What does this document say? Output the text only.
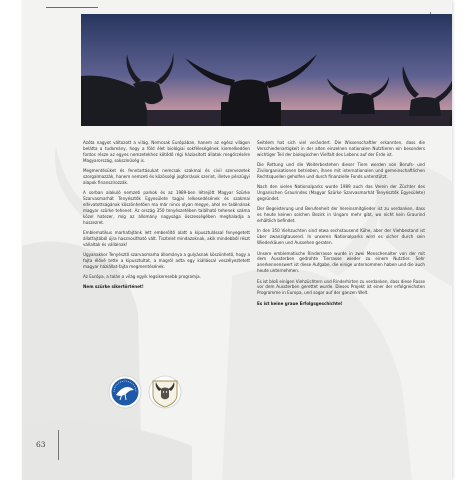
Azóta nagyot változott a világ. Nemcsak Európában, hanem az egész világon belátta a tudomány, hogy a föld élet biológiai sokféleségének kiemelkedően fontos része az egyes nemzetekhez kötődő régi háziasított állatok megőrzésére Magyarország, sokszínűség is.

Megmentésüket és fenntartásukat nemcsak szakmai és civil szervezetek szorgalmazzák, hanem nemzeti és közösségi jogforrások szerint, illetve pénzügyi alapok finanszírozzák.

A sorban alakuló nemzeti parkok és az 1989-ben létrejött Magyar Szürke Szarvasmarhát Tenyésztők Egyesülete tagjai lelkesedésének és szakmai elhivatottságának köszönhetően ma már nincs olyan megye, ahol ne találnának magyar szürke tehenet. Az ország 350 tenyészetében található tehenek száma közel hatezer, míg az állomány nagysága összességében meghaladja a húszezret.

Emblematikus marhafajtánk lett emberöltő alatt a kipusztulással fenyegetett állatfajtából újra hasznosítható vált. Tisztelet mindazoknak, akik mindebből részt vállaltak és vállalnak!

Ugyanakkor Tenyésztő szarvasmarha állománya a gulyásnak köszönhető, hogy a fajta élővé tette a kipusztultat, a magról adta egy kiállással veszélyeztetett magyar háziállat-fajta megmentésének.

Az Európa, a talán a világ egyik legsikeresebb programja.

Nem szürke sikertörténet!

Seitdem hat sich viel verändert. Die Wissenschaftler erkannten, dass die Verschiedenartigkeit in der alten einzelnen nationalen Nutztieren ein besonders wichtiger Teil der biologischen Vielfalt des Lebens auf der Erde ist.

Die Rettung und die Weiterbestehen dieser Tiere werden von Berufs- und Zivilorganisationen betrieben, ihnen mit internationalen und gemeinschaftlichen Rechtsquellen geholfen und durch finanzielle Fonds unterstützt.

Nach den vielen Nationalparks wurde 1989 auch das Verein der Züchter des Ungarischen Graurindes (Magyar Szürke Szarvasmarhát Tenyésztők Egyesülete) gegründet.

Der Begeisterung und Berufenheit der Vereinsmitglieder ist zu verdanken, dass es heute keinen solchen Bezirk in Ungarn mehr gibt, wo nicht kein Graurind erhältlich befindet.

In den 350 Viehzuchten sind etwa sechstausend Kühe, aber der Viehbestand ist über zwanzigtausend. In unseren Nationalparks wird es sicher durch sein Wiederkäuen und Aussehen geraten.

Unsere emblematische Rinderrasse wurde in zwei Menschenalter von der mit dem Aussterben gedrohte Tierrasse wieder zu einem Nutztier. Sehr anerkennenswert ist diese Aufgabe, die einige unternommen haben und die auch heute unternehmen.

Es ist bloß einigen Viehzüchtern und Rinderhirten zu verdanken, dass diese Rasse vor dem Aussterben gerettet wurde. Dieses Projekt ist einer der erfolgreichsten Programme in Europa, und sogar auf der ganzen Welt.

Es ist keine graue Erfolgsgeschichte!

63
